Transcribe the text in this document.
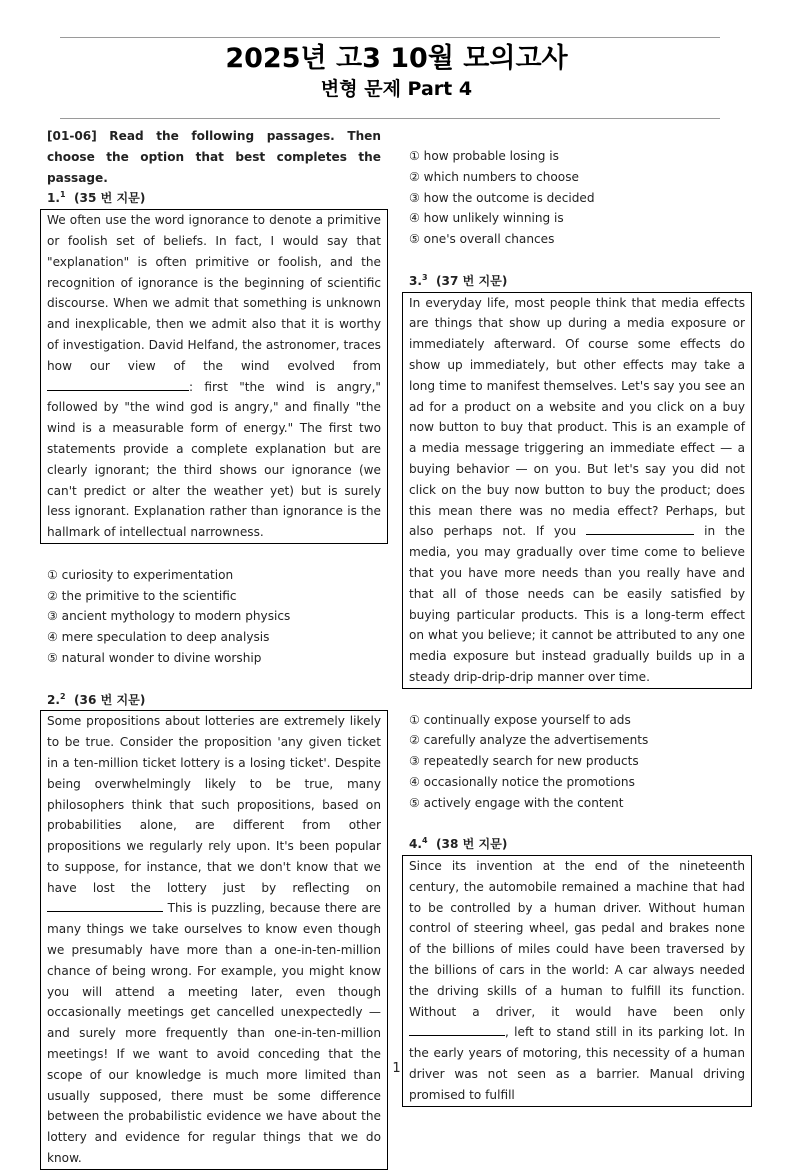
2025년 고3 10월 모의고사
변형 문제 Part 4

[01-06] Read the following passages. Then choose the option that best completes the passage.

1.$^1$ (35 번 지문)

We often use the word ignorance to denote a primitive or foolish set of beliefs. In fact, I would say that "explanation" is often primitive or foolish, and the recognition of ignorance is the beginning of scientific discourse. When we admit that something is unknown and inexplicable, then we admit also that it is worthy of investigation. David Helfand, the astronomer, traces how our view of the wind evolved from : first "the wind is angry," followed by "the wind god is angry," and finally "the wind is a measurable form of energy." The first two statements provide a complete explanation but are clearly ignorant; the third shows our ignorance (we can't predict or alter the weather yet) but is surely less ignorant. Explanation rather than ignorance is the hallmark of intellectual narrowness.
① curiosity to experimentation
② the primitive to the scientific
③ ancient mythology to modern physics
④ mere speculation to deep analysis
⑤ natural wonder to divine worship

2.$^2$ (36 번 지문)

Some propositions about lotteries are extremely likely to be true. Consider the proposition 'any given ticket in a ten-million ticket lottery is a losing ticket'. Despite being overwhelmingly likely to be true, many philosophers think that such propositions, based on probabilities alone, are different from other propositions we regularly rely upon. It's been popular to suppose, for instance, that we don't know that we have lost the lottery just by reflecting on  This is puzzling, because there are many things we take ourselves to know even though we presumably have more than a one-in-ten-million chance of being wrong. For example, you might know you will attend a meeting later, even though occasionally meetings get cancelled unexpectedly — and surely more frequently than one-in-ten-million meetings! If we want to avoid conceding that the scope of our knowledge is much more limited than usually supposed, there must be some difference between the probabilistic evidence we have about the lottery and evidence for regular things that we do know.
① how probable losing is
② which numbers to choose
③ how the outcome is decided
④ how unlikely winning is
⑤ one's overall chances

3.$^3$ (37 번 지문)

In everyday life, most people think that media effects are things that show up during a media exposure or immediately afterward. Of course some effects do show up immediately, but other effects may take a long time to manifest themselves. Let's say you see an ad for a product on a website and you click on a buy now button to buy that product. This is an example of a media message triggering an immediate effect — a buying behavior — on you. But let's say you did not click on the buy now button to buy the product; does this mean there was no media effect? Perhaps, but also perhaps not. If you	in the media, you may gradually over time come to believe that you have more needs than you really have and that all of those needs can be easily satisfied by buying particular products. This is a long-term effect on what you believe; it cannot be attributed to any one media exposure but instead gradually builds up in a steady drip-drip-drip manner over time.
① continually expose yourself to ads
② carefully analyze the advertisements
③ repeatedly search for new products
④ occasionally notice the promotions
⑤ actively engage with the content

4.$^4$ (38 번 지문)

Since its invention at the end of the nineteenth century, the automobile remained a machine that had to be controlled by a human driver. Without human control of steering wheel, gas pedal and brakes none of the billions of miles could have been traversed by the billions of cars in the world: A car always needed the driving skills of a human to fulfill its function. Without a driver, it would have been only , left to stand still in its parking lot. In the early years of motoring, this necessity of a human driver was not seen as a barrier. Manual driving promised to fulfill
1
